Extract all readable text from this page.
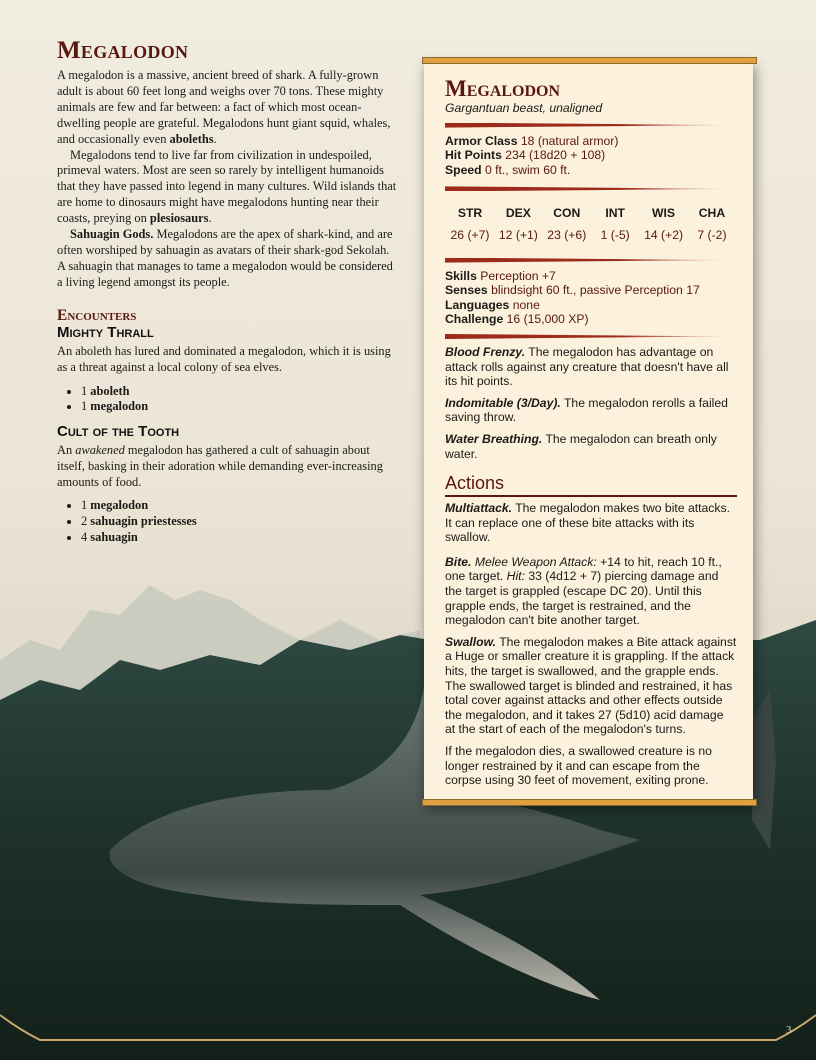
Megalodon

A megalodon is a massive, ancient breed of shark. A fully-grown adult is about 60 feet long and weighs over 70 tons. These mighty animals are few and far between: a fact of which most ocean-dwelling people are grateful. Megalodons hunt giant squid, whales, and occasionally even aboleths.

Megalodons tend to live far from civilization in undespoiled, primeval waters. Most are seen so rarely by intelligent humanoids that they have passed into legend in many cultures. Wild islands that are home to dinosaurs might have megalodons hunting near their coasts, preying on plesiosaurs.

Sahuagin Gods. Megalodons are the apex of shark-kind, and are often worshiped by sahuagin as avatars of their shark-god Sekolah. A sahuagin that manages to tame a megalodon would be considered a living legend amongst its people.

Encounters
Mighty Thrall

An aboleth has lured and dominated a megalodon, which it is using as a threat against a local colony of sea elves.

• 1 aboleth
• 1 megalodon
Cult of the Tooth

An awakened megalodon has gathered a cult of sahuagin about itself, basking in their adoration while demanding ever-increasing amounts of food.

• 1 megalodon
• 2 sahuagin priestesses
• 4 sahuagin
Megalodon
Gargantuan beast, unaligned
Armor Class 18 (natural armor)
Hit Points 234 (18d20 + 108)
Speed 0 ft., swim 60 ft.
STR
26 (+7)
DEX
12 (+1)
CON
23 (+6)
INT
1 (-5)
WIS
14 (+2)
CHA
7 (-2)
Skills Perception +7
Senses blindsight 60 ft., passive Perception 17
Languages none
Challenge 16 (15,000 XP)

Blood Frenzy. The megalodon has advantage on attack rolls against any creature that doesn't have all its hit points.

Indomitable (3/Day). The megalodon rerolls a failed saving throw.

Water Breathing. The megalodon can breath only water.

Actions

Multiattack. The megalodon makes two bite attacks. It can replace one of these bite attacks with its swallow.

Bite. Melee Weapon Attack: +14 to hit, reach 10 ft., one target. Hit: 33 (4d12 + 7) piercing damage and the target is grappled (escape DC 20). Until this grapple ends, the target is restrained, and the megalodon can't bite another target.

Swallow. The megalodon makes a Bite attack against a Huge or smaller creature it is grappling. If the attack hits, the target is swallowed, and the grapple ends. The swallowed target is blinded and restrained, it has total cover against attacks and other effects outside the megalodon, and it takes 27 (5d10) acid damage at the start of each of the megalodon's turns.

If the megalodon dies, a swallowed creature is no longer restrained by it and can escape from the corpse using 30 feet of movement, exiting prone.

3
